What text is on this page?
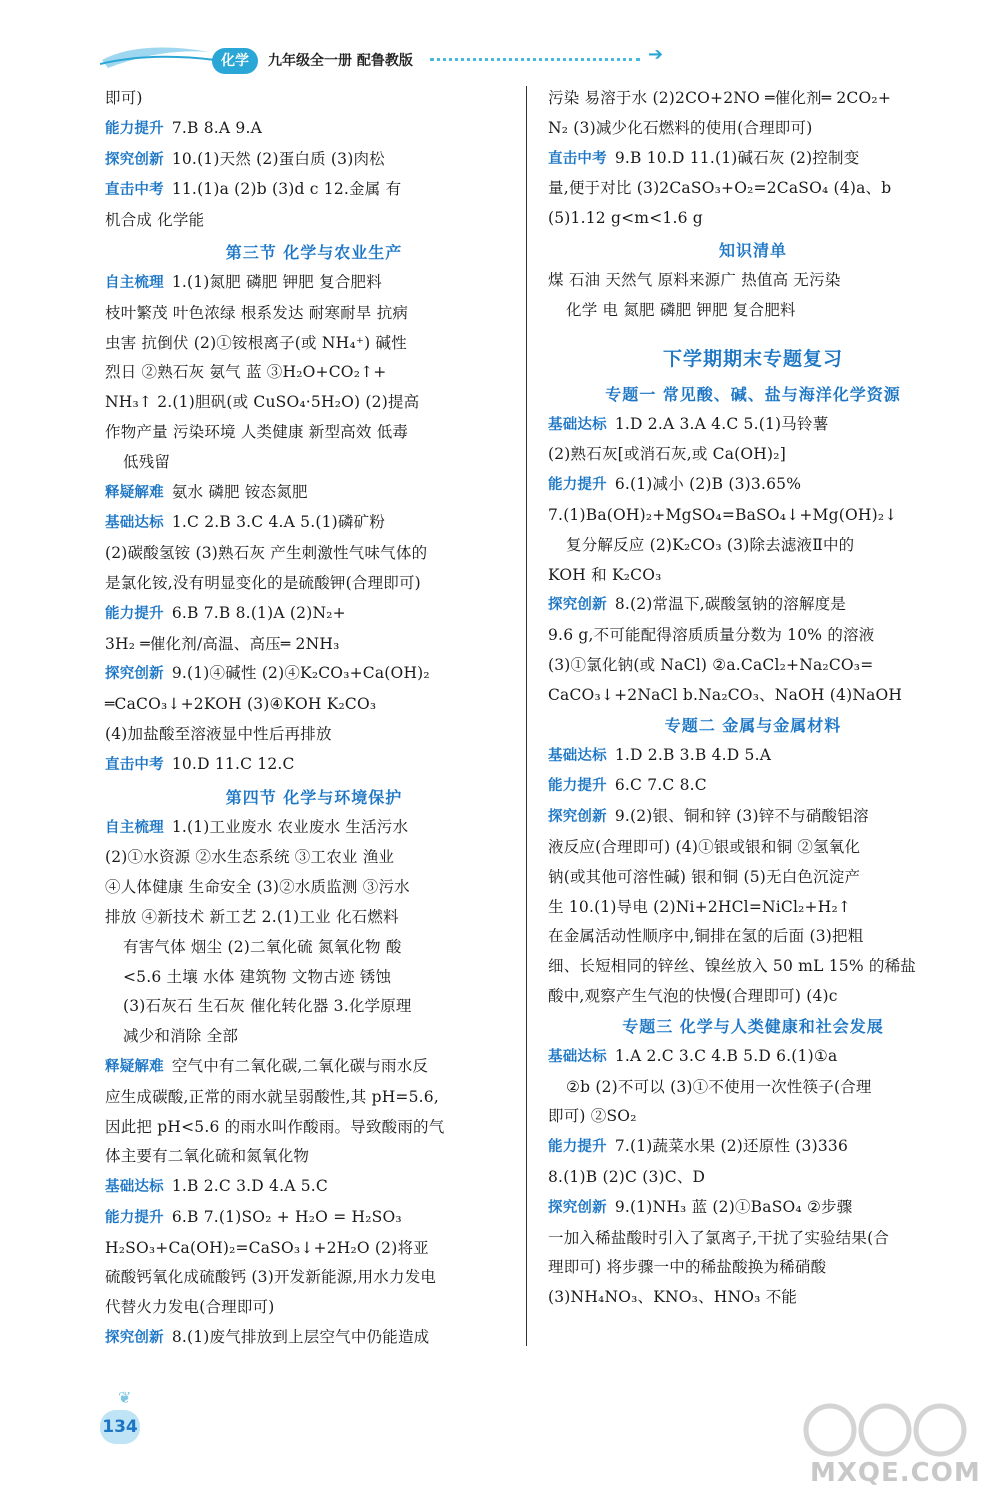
化学	九年级全一册 配鲁教版	➔
即可)
能力提升 7.B 8.A 9.A
探究创新 10.(1)天然 (2)蛋白质 (3)肉松
直击中考 11.(1)a (2)b (3)d c 12.金属 有
机合成 化学能
第三节 化学与农业生产
自主梳理 1.(1)氮肥 磷肥 钾肥 复合肥料
枝叶繁茂 叶色浓绿 根系发达 耐寒耐旱 抗病
虫害 抗倒伏 (2)①铵根离子(或 NH₄⁺) 碱性
烈日 ②熟石灰 氨气 蓝 ③H₂O+CO₂↑+
NH₃↑ 2.(1)胆矾(或 CuSO₄·5H₂O) (2)提高
作物产量 污染环境 人类健康 新型高效 低毒
低残留
释疑解难 氨水 磷肥 铵态氮肥
基础达标 1.C 2.B 3.C 4.A 5.(1)磷矿粉
(2)碳酸氢铵 (3)熟石灰 产生刺激性气味气体的
是氯化铵,没有明显变化的是硫酸钾(合理即可)
能力提升 6.B 7.B 8.(1)A (2)N₂+
3H₂ ═催化剂/高温、高压═ 2NH₃
探究创新 9.(1)④碱性 (2)④K₂CO₃+Ca(OH)₂
═CaCO₃↓+2KOH (3)④KOH K₂CO₃
(4)加盐酸至溶液显中性后再排放
直击中考 10.D 11.C 12.C
第四节 化学与环境保护
自主梳理 1.(1)工业废水 农业废水 生活污水
(2)①水资源 ②水生态系统 ③工农业 渔业
④人体健康 生命安全 (3)②水质监测 ③污水
排放 ④新技术 新工艺 2.(1)工业 化石燃料
有害气体 烟尘 (2)二氧化硫 氮氧化物 酸
<5.6 土壤 水体 建筑物 文物古迹 锈蚀
(3)石灰石 生石灰 催化转化器 3.化学原理
减少和消除 全部
释疑解难 空气中有二氧化碳,二氧化碳与雨水反
应生成碳酸,正常的雨水就呈弱酸性,其 pH=5.6,
因此把 pH<5.6 的雨水叫作酸雨。导致酸雨的气
体主要有二氧化硫和氮氧化物
基础达标 1.B 2.C 3.D 4.A 5.C
能力提升 6.B 7.(1)SO₂ + H₂O = H₂SO₃
H₂SO₃+Ca(OH)₂=CaSO₃↓+2H₂O (2)将亚
硫酸钙氧化成硫酸钙 (3)开发新能源,用水力发电
代替火力发电(合理即可)
探究创新 8.(1)废气排放到上层空气中仍能造成
污染 易溶于水 (2)2CO+2NO ═催化剂═ 2CO₂+
N₂ (3)减少化石燃料的使用(合理即可)
直击中考 9.B 10.D 11.(1)碱石灰 (2)控制变
量,便于对比 (3)2CaSO₃+O₂=2CaSO₄ (4)a、b
(5)1.12 g<m<1.6 g
知识清单
煤 石油 天然气 原料来源广 热值高 无污染
化学 电 氮肥 磷肥 钾肥 复合肥料
下学期期末专题复习
专题一 常见酸、碱、盐与海洋化学资源
基础达标 1.D 2.A 3.A 4.C 5.(1)马铃薯
(2)熟石灰[或消石灰,或 Ca(OH)₂]
能力提升 6.(1)减小 (2)B (3)3.65%
7.(1)Ba(OH)₂+MgSO₄=BaSO₄↓+Mg(OH)₂↓
复分解反应 (2)K₂CO₃ (3)除去滤液Ⅱ中的
KOH 和 K₂CO₃
探究创新 8.(2)常温下,碳酸氢钠的溶解度是
9.6 g,不可能配得溶质质量分数为 10% 的溶液
(3)①氯化钠(或 NaCl) ②a.CaCl₂+Na₂CO₃=
CaCO₃↓+2NaCl b.Na₂CO₃、NaOH (4)NaOH
专题二 金属与金属材料
基础达标 1.D 2.B 3.B 4.D 5.A
能力提升 6.C 7.C 8.C
探究创新 9.(2)银、铜和锌 (3)锌不与硝酸铝溶
液反应(合理即可) (4)①银或银和铜 ②氢氧化
钠(或其他可溶性碱) 银和铜 (5)无白色沉淀产
生 10.(1)导电 (2)Ni+2HCl=NiCl₂+H₂↑
在金属活动性顺序中,铜排在氢的后面 (3)把粗
细、长短相同的锌丝、镍丝放入 50 mL 15% 的稀盐
酸中,观察产生气泡的快慢(合理即可) (4)c
专题三 化学与人类健康和社会发展
基础达标 1.A 2.C 3.C 4.B 5.D 6.(1)①a
②b (2)不可以 (3)①不使用一次性筷子(合理
即可) ②SO₂
能力提升 7.(1)蔬菜水果 (2)还原性 (3)336
8.(1)B (2)C (3)C、D
探究创新 9.(1)NH₃ 蓝 (2)①BaSO₄ ②步骤
一加入稀盐酸时引入了氯离子,干扰了实验结果(合
理即可) 将步骤一中的稀盐酸换为稀硝酸
(3)NH₄NO₃、KNO₃、HNO₃ 不能
❦
134
MXQE.COM
